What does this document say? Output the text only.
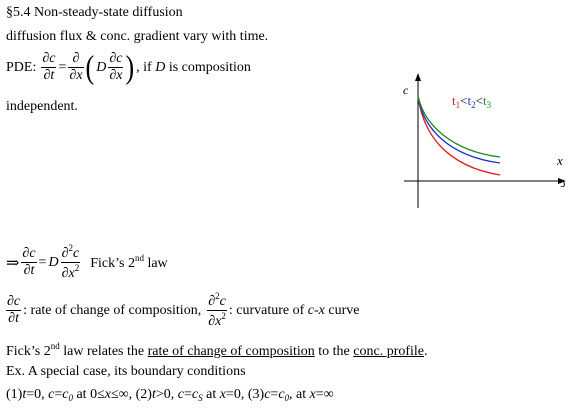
§5.4 Non-steady-state diffusion
diffusion flux & conc. gradient vary with time.
PDE: $\frac{\partial c}{\partial t} = \frac{\partial}{\partial x}$ ( D $\frac{\partial c}{\partial x}$ ) , if D is composition
independent.
c
x
c
$t_1<t_2<t_3$
⇒ $\frac{\partial c}{\partial t} = D \frac{\partial^2c}{\partial x^2}$ Fick’s 2nd law
$\frac{\partial c}{\partial t}$ : rate of change of composition, $\frac{\partial^2c}{\partial x^2}$ : curvature of c-x curve
Fick’s 2nd law relates the rate of change of composition to the conc. profile.
Ex. A special case, its boundary conditions
(1)t=0, $c=c_0$ at 0≤x≤∞, (2)t>0, $c=c_S$ at x=0, $(3)c=c_0$, at x=∞
